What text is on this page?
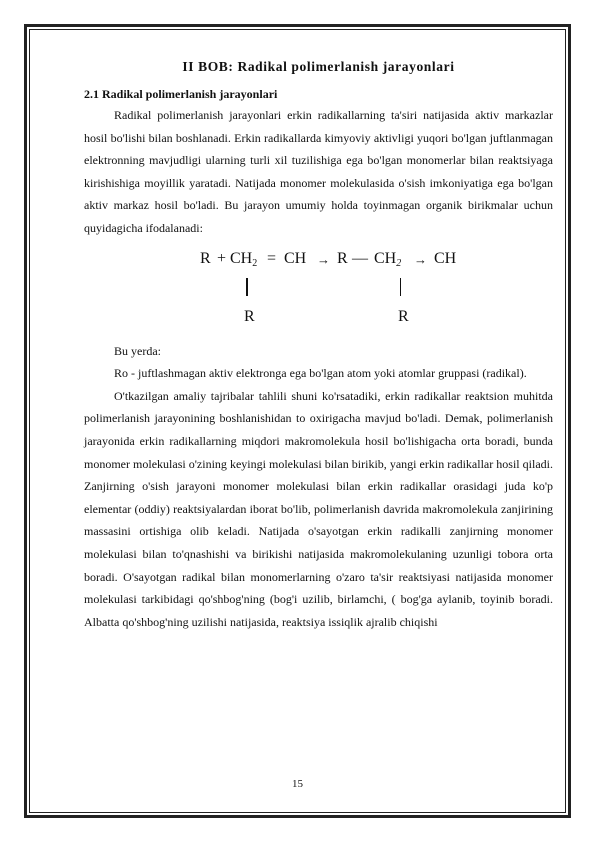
II BOB: Radikal polimerlanish jarayonlari
2.1 Radikal polimerlanish jarayonlari

Radikal polimerlanish jarayonlari erkin radikallarning ta'siri natijasida aktiv markazlar hosil bo'lishi bilan boshlanadi. Erkin radikallarda kimyoviy aktivligi yuqori bo'lgan juftlanmagan elektronning mavjudligi ularning turli xil tuzilishiga ega bo'lgan monomerlar bilan reaktsiyaga kirishishiga moyillik yaratadi. Natijada monomer molekulasida o'sish imkoniyatiga ega bo'lgan aktiv markaz hosil bo'ladi. Bu jarayon umumiy holda toyinmagan organik birikmalar uchun quyidagicha ifodalanadi:

R + CH2 = CH → R — CH2 → CH
R	R

Bu yerda:

Ro - juftlashmagan aktiv elektronga ega bo'lgan atom yoki atomlar gruppasi (radikal).

O'tkazilgan amaliy tajribalar tahlili shuni ko'rsatadiki, erkin radikallar reaktsion muhitda polimerlanish jarayonining boshlanishidan to oxirigacha mavjud bo'ladi. Demak, polimerlanish jarayonida erkin radikallarning miqdori makromolekula hosil bo'lishigacha orta boradi, bunda monomer molekulasi o'zining keyingi molekulasi bilan birikib, yangi erkin radikallar hosil qiladi. Zanjirning o'sish jarayoni monomer molekulasi bilan erkin radikallar orasidagi juda ko'p elementar (oddiy) reaktsiyalardan iborat bo'lib, polimerlanish davrida makromolekula zanjirining massasini ortishiga olib keladi. Natijada o'sayotgan erkin radikalli zanjirning monomer molekulasi bilan to'qnashishi va birikishi natijasida makromolekulaning uzunligi tobora orta boradi. O'sayotgan radikal bilan monomerlarning o'zaro ta'sir reaktsiyasi natijasida monomer molekulasi tarkibidagi qo'shbog'ning (bog'i uzilib, birlamchi, ( bog'ga aylanib, toyinib boradi. Albatta qo'shbog'ning uzilishi natijasida, reaktsiya issiqlik ajralib chiqishi

15
